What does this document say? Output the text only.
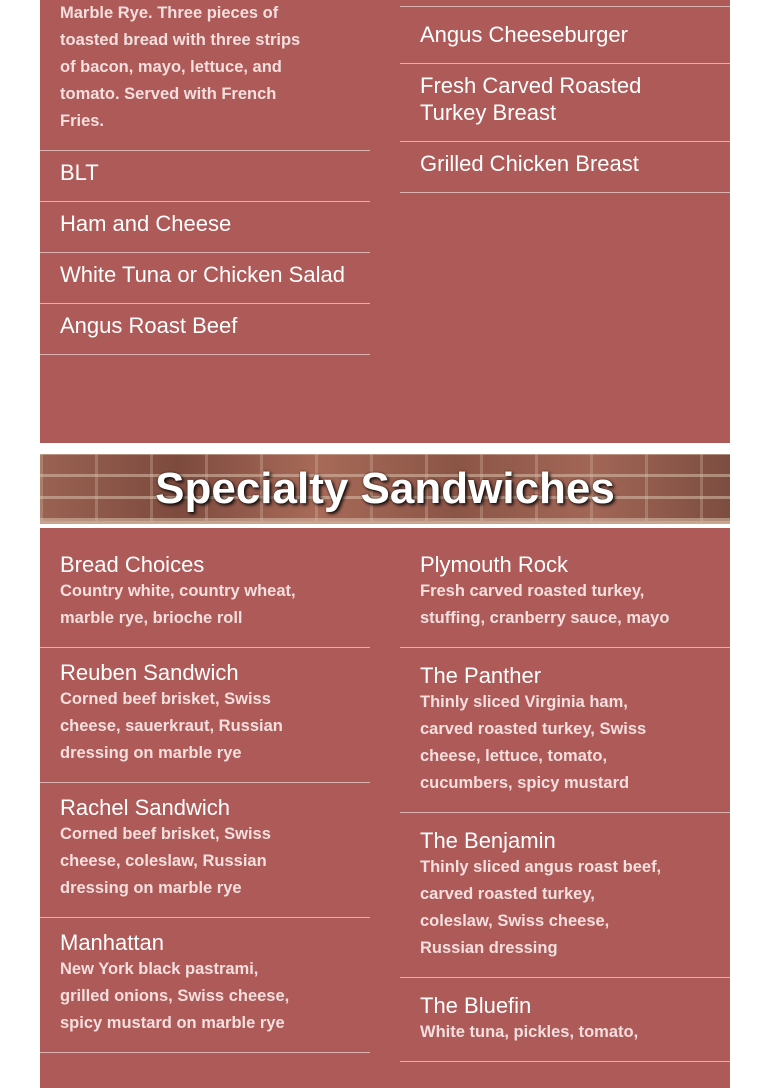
Marble Rye. Three pieces of toasted bread with three strips of bacon, mayo, lettuce, and tomato. Served with French Fries.
BLT
Ham and Cheese
White Tuna or Chicken Salad
Angus Roast Beef
Angus Cheeseburger
Fresh Carved Roasted Turkey Breast
Grilled Chicken Breast
Specialty Sandwiches
Bread Choices
Country white, country wheat, marble rye, brioche roll
Reuben Sandwich
Corned beef brisket, Swiss cheese, sauerkraut, Russian dressing on marble rye
Rachel Sandwich
Corned beef brisket, Swiss cheese, coleslaw, Russian dressing on marble rye
Manhattan
New York black pastrami, grilled onions, Swiss cheese, spicy mustard on marble rye
Plymouth Rock
Fresh carved roasted turkey, stuffing, cranberry sauce, mayo
The Panther
Thinly sliced Virginia ham, carved roasted turkey, Swiss cheese, lettuce, tomato, cucumbers, spicy mustard
The Benjamin
Thinly sliced angus roast beef, carved roasted turkey, coleslaw, Swiss cheese, Russian dressing
The Bluefin
White tuna, pickles, tomato,
